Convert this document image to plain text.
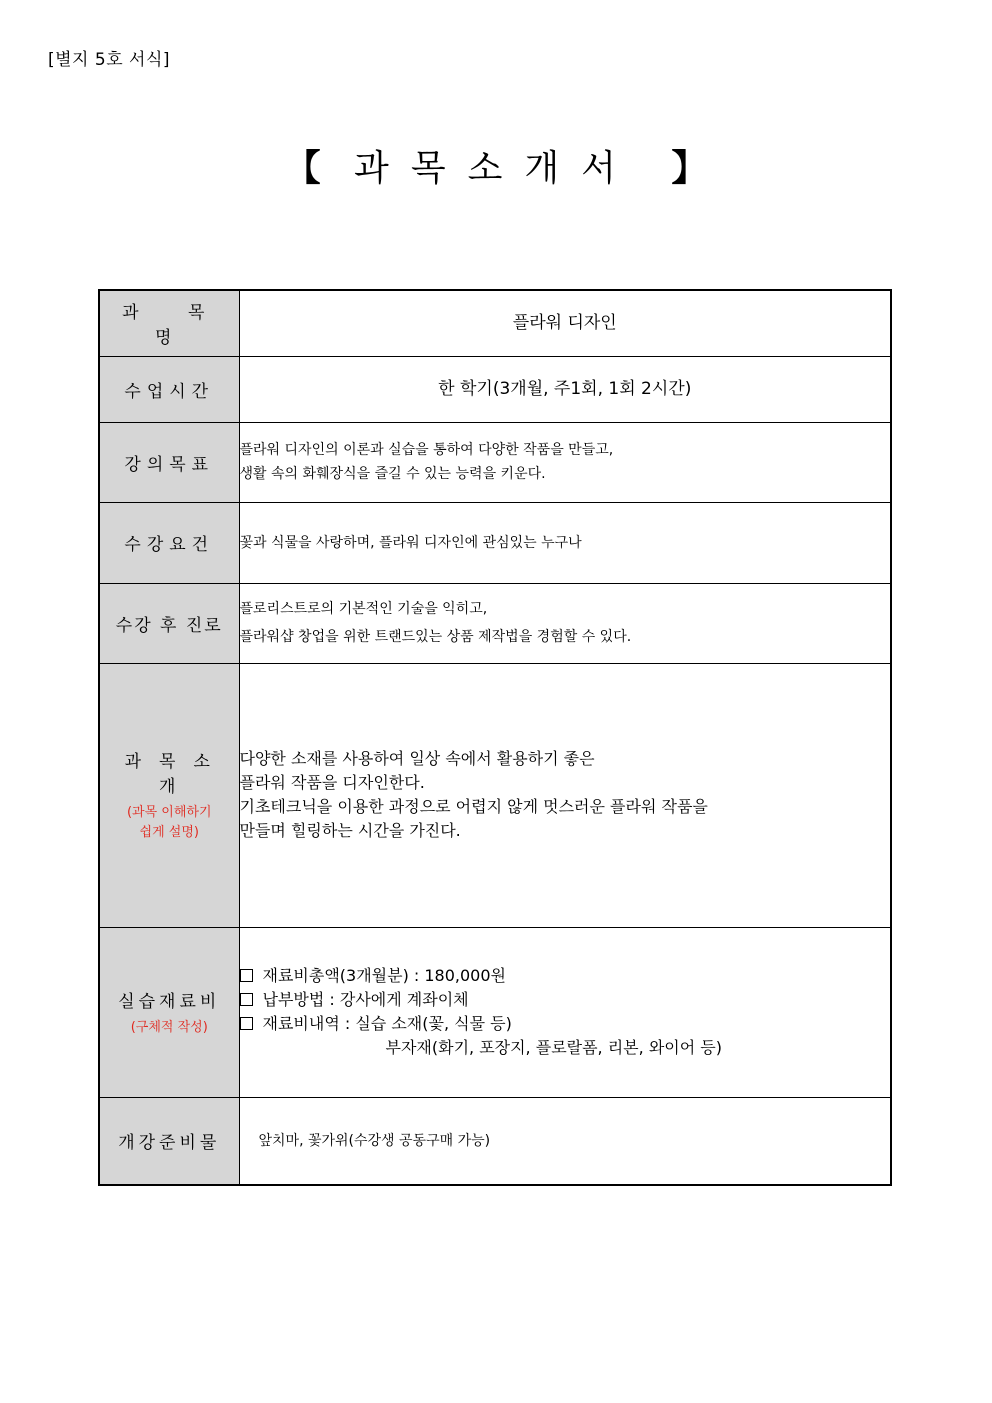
[별지 5호 서식]
【 과목소개서 】
과 목 명	플라워 디자인

수업시간	한 학기(3개월, 주1회, 1회 2시간)

강의목표	플라워 디자인의 이론과 실습을 통하여 다양한 작품을 만들고,
생활 속의 화훼장식을 즐길 수 있는 능력을 키운다.

수강요건	꽃과 식물을 사랑하며, 플라워 디자인에 관심있는 누구나

수강 후 진로	플로리스트로의 기본적인 기술을 익히고,
플라워샵 창업을 위한 트랜드있는 상품 제작법을 경험할 수 있다.

과목소개
(과목 이해하기
쉽게 설명)	다양한 소재를 사용하여 일상 속에서 활용하기 좋은
플라워 작품을 디자인한다.
기초테크닉을 이용한 과정으로 어렵지 않게 멋스러운 플라워 작품을
만들며 힐링하는 시간을 가진다.

실습재료비
(구체적 작성)	재료비총액(3개월분) : 180,000원
납부방법 : 강사에게 계좌이체
재료비내역 : 실습 소재(꽃, 식물 등)
부자재(화기, 포장지, 플로랄폼, 리본, 와이어 등)

개강준비물	앞치마, 꽃가위(수강생 공동구매 가능)
